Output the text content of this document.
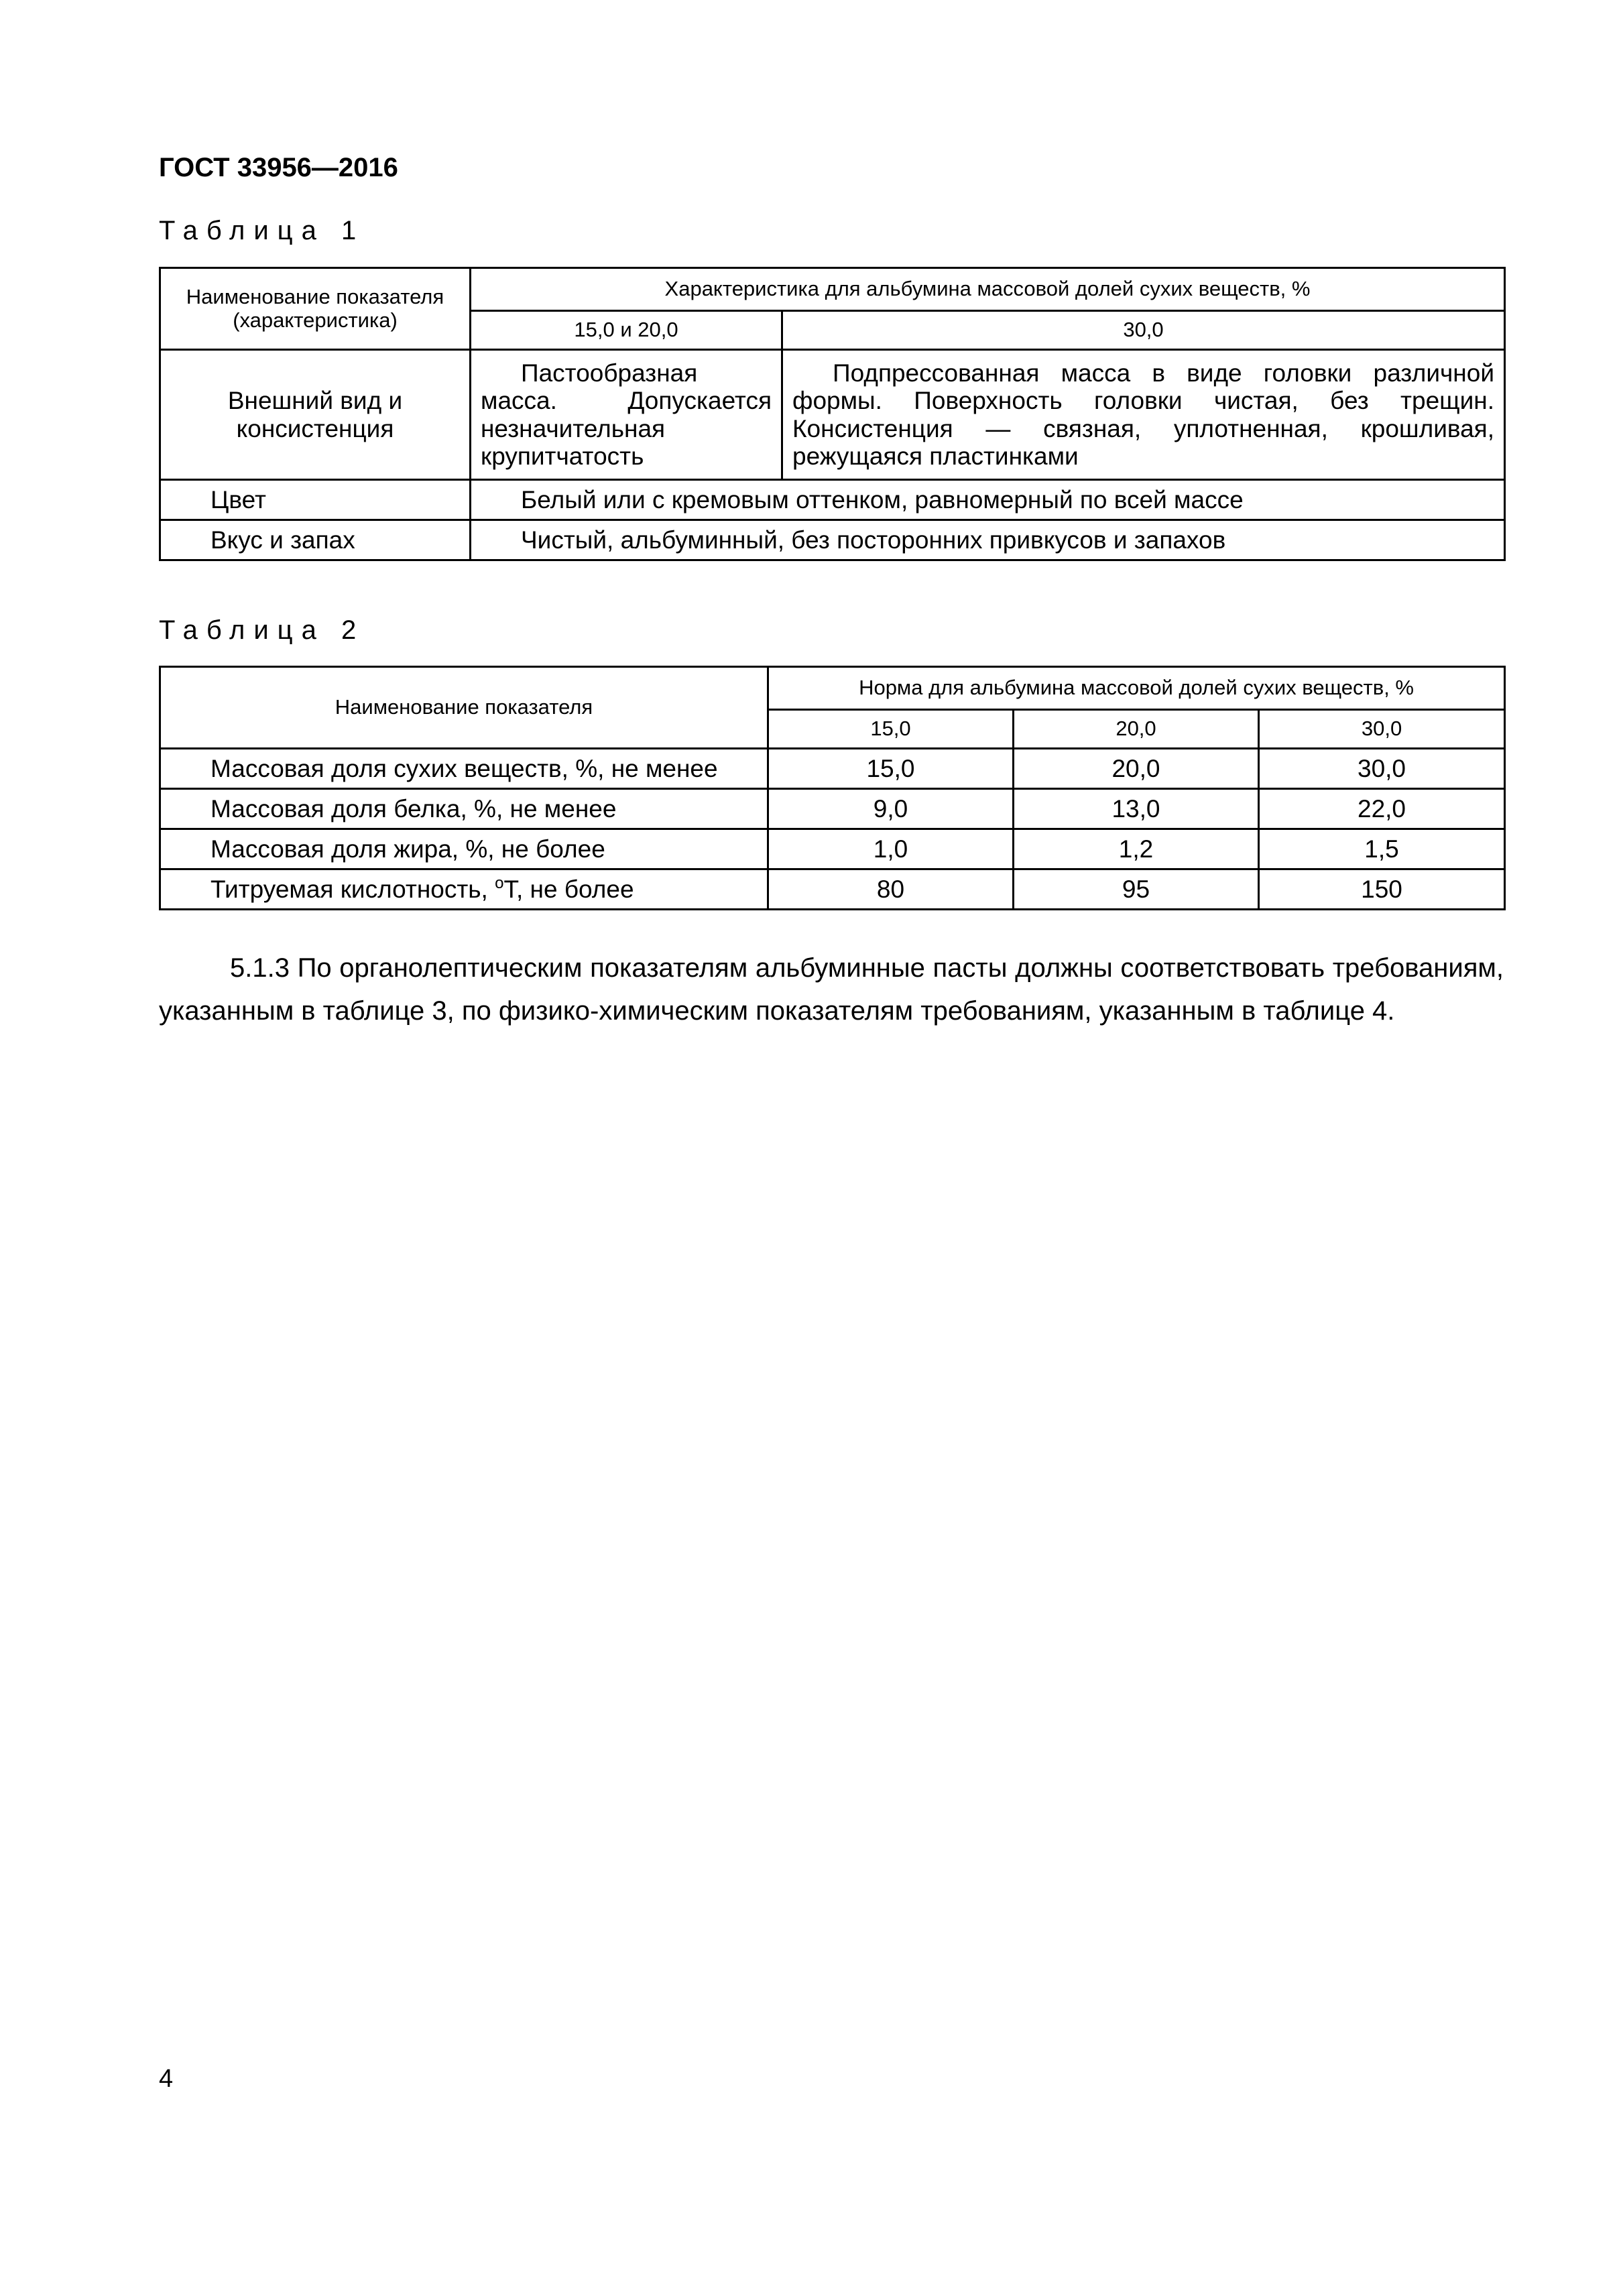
ГОСТ 33956—2016

Таблица 1

Наименование показателя (характеристика)	Характеристика для альбумина массовой долей сухих веществ, %	
	15,0 и 20,0	30,0
Внешний вид и консистенция	Пастообразная масса. Допускается незначительная крупитчатость	Подпрессованная масса в виде головки различной формы. Поверхность головки чистая, без трещин. Консистенция — связная, уплотненная, крошливая, режущаяся пластинками
Цвет	Белый или с кремовым оттенком, равномерный по всей массе	
Вкус и запах	Чистый, альбуминный, без посторонних привкусов и запахов	

Таблица 2

Наименование показателя	Норма для альбумина массовой долей сухих веществ, %		
	15,0	20,0	30,0
Массовая доля сухих веществ, %, не менее	15,0	20,0	30,0
Массовая доля белка, %, не менее	9,0	13,0	22,0
Массовая доля жира, %, не более	1,0	1,2	1,5
Титруемая кислотность, $^о$Т, не более	80	95	150

5.1.3 По органолептическим показателям альбуминные пасты должны соответствовать требованиям, указанным в таблице 3, по физико-химическим показателям требованиям, указанным в таблице 4.

4
